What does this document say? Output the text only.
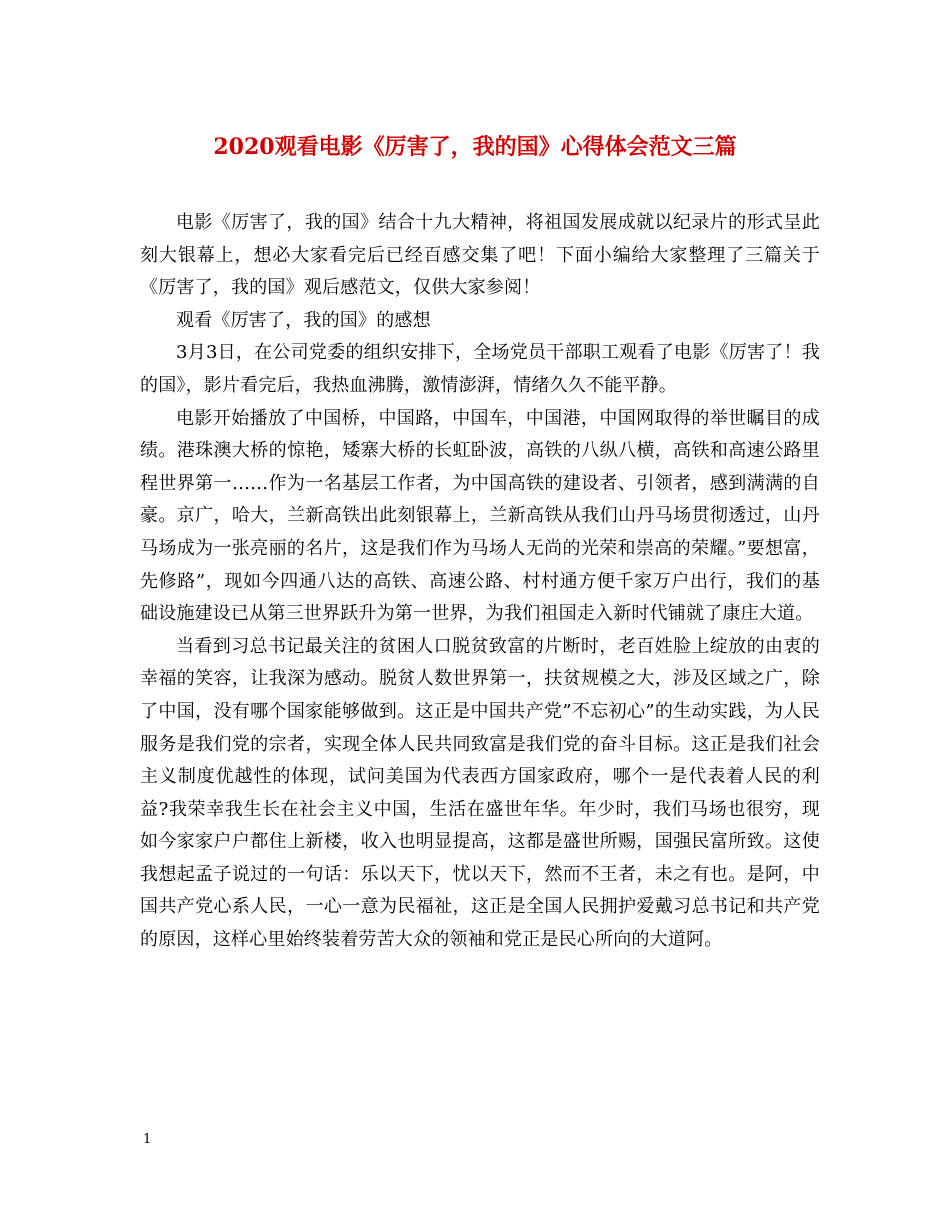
2020观看电影《厉害了，我的国》心得体会范文三篇

电影《厉害了，我的国》结合十九大精神，将祖国发展成就以纪录片的形式呈此刻大银幕上，想必大家看完后已经百感交集了吧！下面小编给大家整理了三篇关于《厉害了，我的国》观后感范文，仅供大家参阅！

观看《厉害了，我的国》的感想

3月3日，在公司党委的组织安排下，全场党员干部职工观看了电影《厉害了！我的国》，影片看完后，我热血沸腾，激情澎湃，情绪久久不能平静。

电影开始播放了中国桥，中国路，中国车，中国港，中国网取得的举世瞩目的成绩。港珠澳大桥的惊艳，矮寨大桥的长虹卧波，高铁的八纵八横，高铁和高速公路里程世界第一……作为一名基层工作者，为中国高铁的建设者、引领者，感到满满的自豪。京广，哈大，兰新高铁出此刻银幕上，兰新高铁从我们山丹马场贯彻透过，山丹马场成为一张亮丽的名片，这是我们作为马场人无尚的光荣和崇高的荣耀。”要想富，先修路”，现如今四通八达的高铁、高速公路、村村通方便千家万户出行，我们的基础设施建设已从第三世界跃升为第一世界，为我们祖国走入新时代铺就了康庄大道。

当看到习总书记最关注的贫困人口脱贫致富的片断时，老百姓脸上绽放的由衷的幸福的笑容，让我深为感动。脱贫人数世界第一，扶贫规模之大，涉及区域之广，除了中国，没有哪个国家能够做到。这正是中国共产党”不忘初心”的生动实践，为人民服务是我们党的宗者，实现全体人民共同致富是我们党的奋斗目标。这正是我们社会主义制度优越性的体现，试问美国为代表西方国家政府，哪个一是代表着人民的利益?我荣幸我生长在社会主义中国，生活在盛世年华。年少时，我们马场也很穷，现如今家家户户都住上新楼，收入也明显提高，这都是盛世所赐，国强民富所致。这使我想起孟子说过的一句话：乐以天下，忧以天下，然而不王者，未之有也。是阿，中国共产党心系人民，一心一意为民福祉，这正是全国人民拥护爱戴习总书记和共产党的原因，这样心里始终装着劳苦大众的领袖和党正是民心所向的大道阿。

1
